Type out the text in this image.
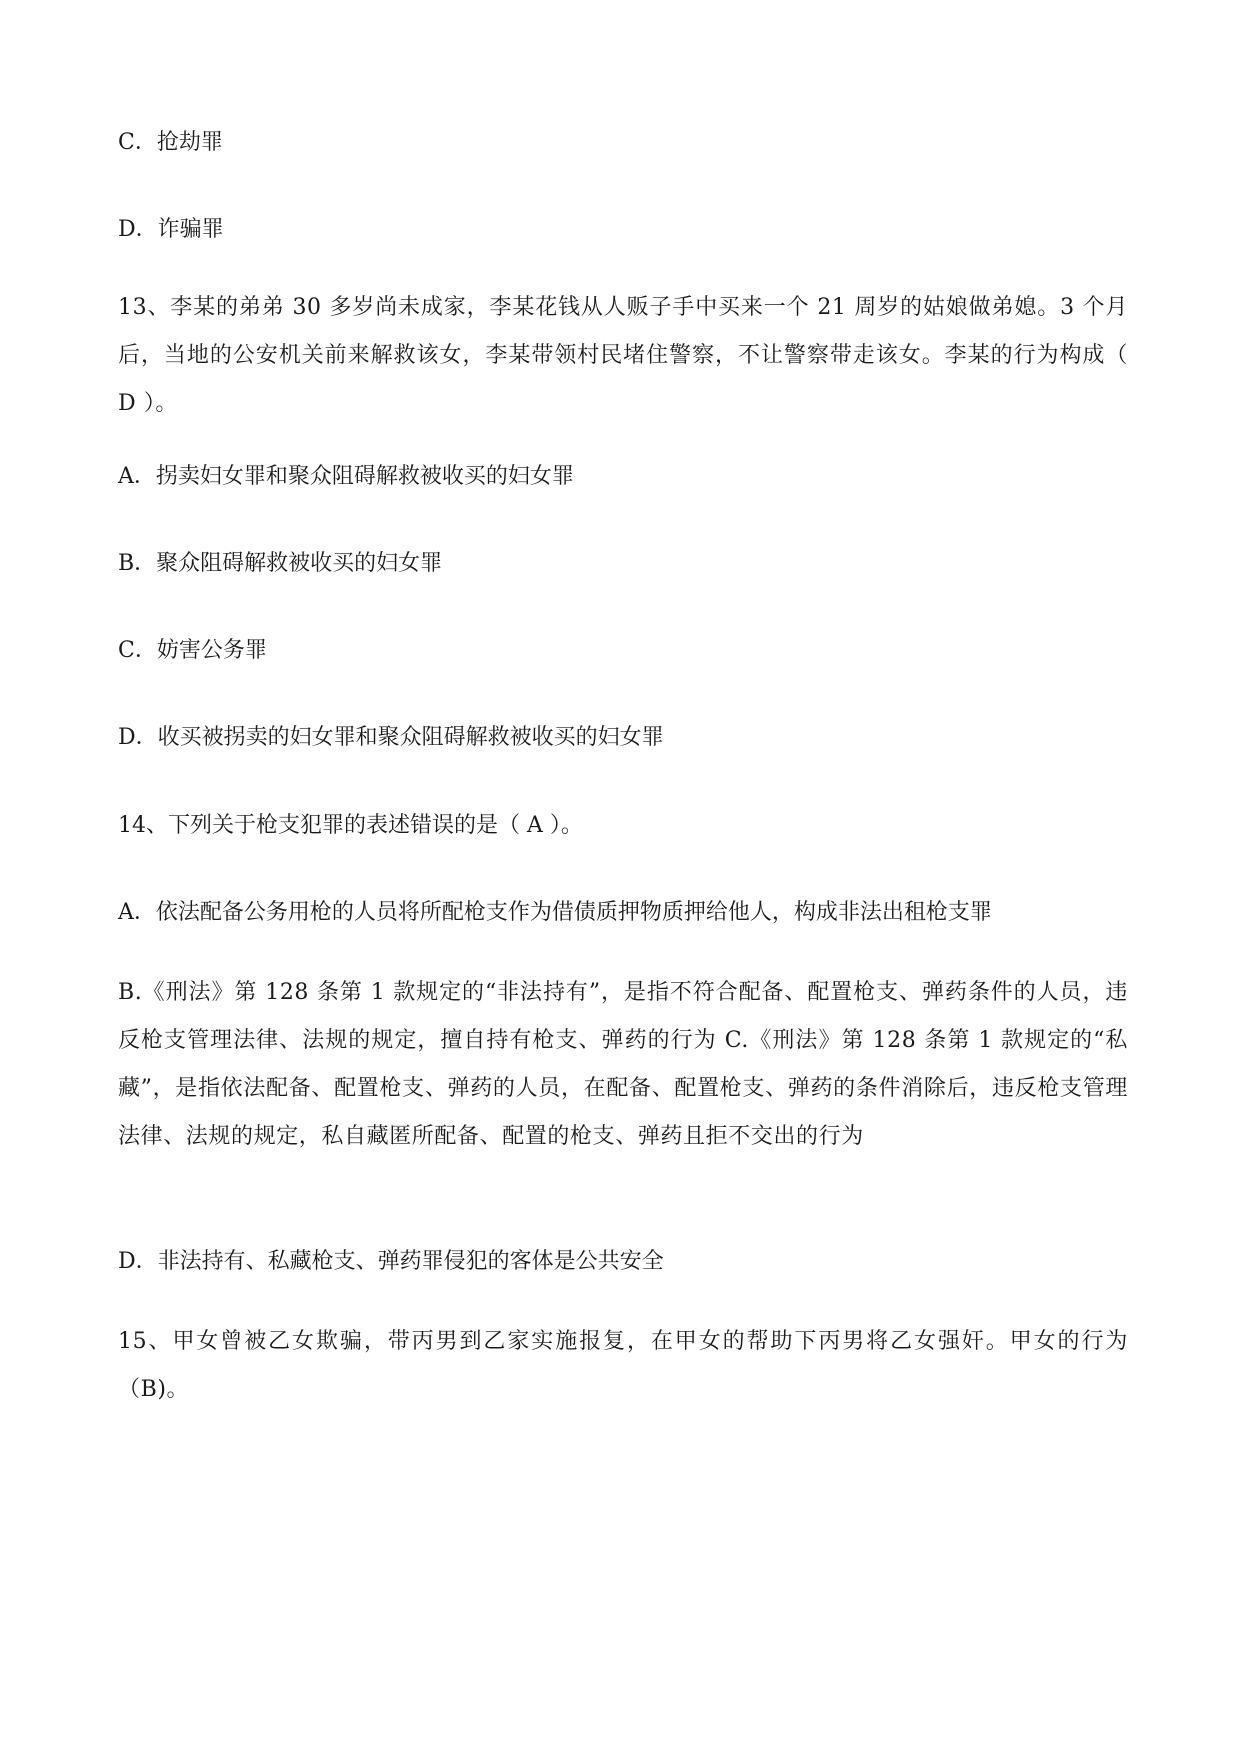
C．抢劫罪
D．诈骗罪
13、李某的弟弟 30 多岁尚未成家，李某花钱从人贩子手中买来一个 21 周岁的姑娘做弟媳。3 个月后，当地的公安机关前来解救该女，李某带领村民堵住警察，不让警察带走该女。李某的行为构成（ D ）。
A．拐卖妇女罪和聚众阻碍解救被收买的妇女罪
B．聚众阻碍解救被收买的妇女罪
C．妨害公务罪
D．收买被拐卖的妇女罪和聚众阻碍解救被收买的妇女罪
14、下列关于枪支犯罪的表述错误的是（ A ）。
A．依法配备公务用枪的人员将所配枪支作为借债质押物质押给他人，构成非法出租枪支罪
B.《刑法》第 128 条第 1 款规定的“非法持有”，是指不符合配备、配置枪支、弹药条件的人员，违反枪支管理法律、法规的规定，擅自持有枪支、弹药的行为 C.《刑法》第 128 条第 1 款规定的“私藏”，是指依法配备、配置枪支、弹药的人员，在配备、配置枪支、弹药的条件消除后，违反枪支管理法律、法规的规定，私自藏匿所配备、配置的枪支、弹药且拒不交出的行为
D．非法持有、私藏枪支、弹药罪侵犯的客体是公共安全
15、甲女曾被乙女欺骗，带丙男到乙家实施报复，在甲女的帮助下丙男将乙女强奸。甲女的行为（B)。
